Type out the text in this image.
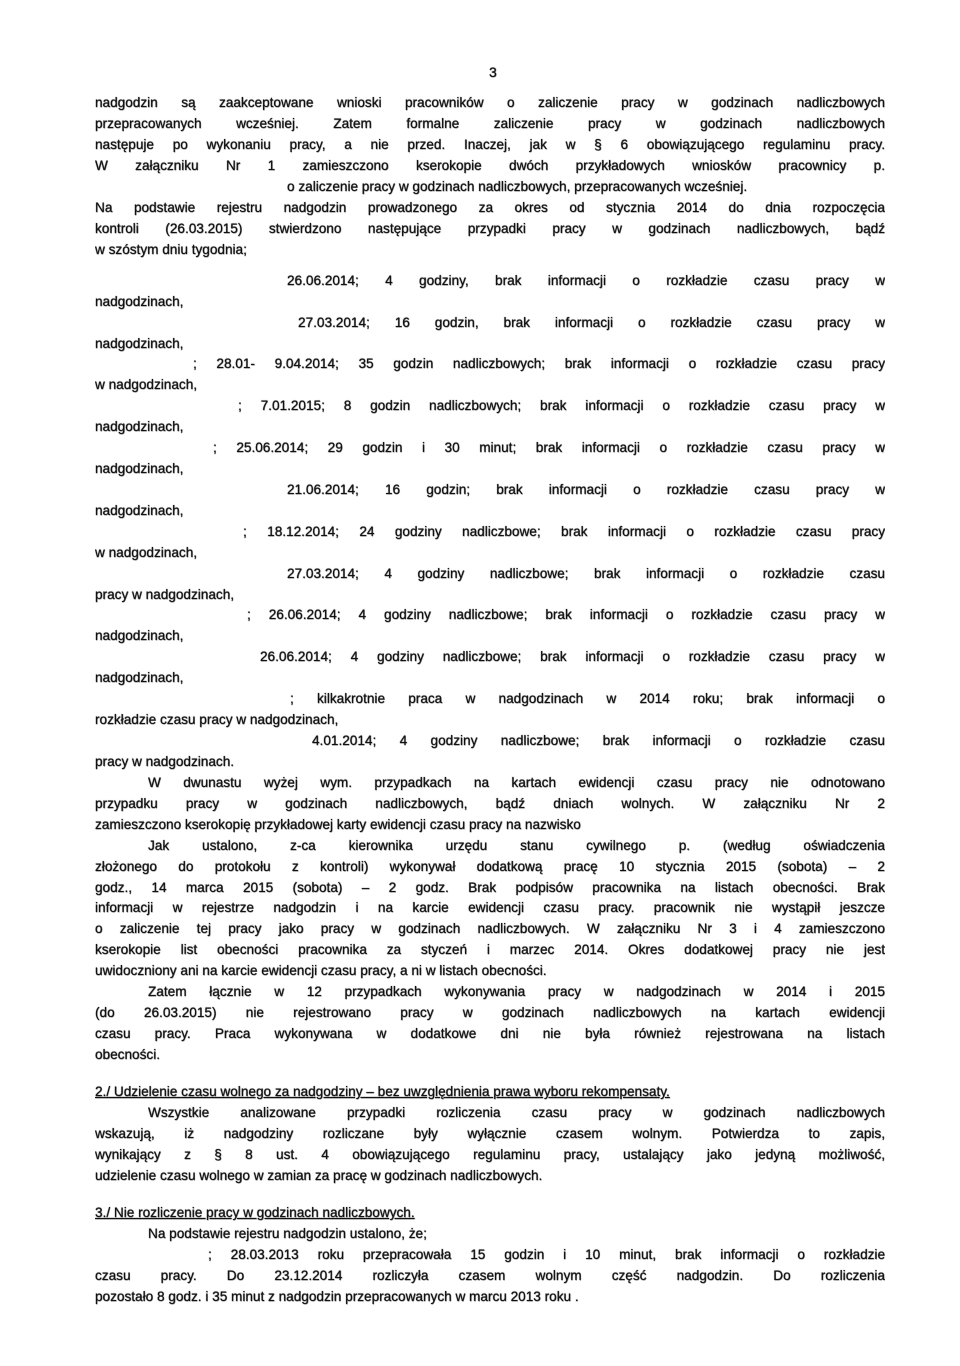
3
nadgodzin są zaakceptowane wnioski pracowników o zaliczenie pracy w godzinach nadliczbowych
przepracowanych wcześniej. Zatem formalne zaliczenie pracy w godzinach nadliczbowych
następuje po wykonaniu pracy, a nie przed. Inaczej, jak w § 6 obowiązującego regulaminu pracy.
W załączniku Nr 1 zamieszczono kserokopie dwóch przykładowych wniosków pracownicy p.
o zaliczenie pracy w godzinach nadliczbowych, przepracowanych wcześniej.
Na podstawie rejestru nadgodzin prowadzonego za okres od stycznia 2014 do dnia rozpoczęcia
kontroli (26.03.2015) stwierdzono następujące przypadki pracy w godzinach nadliczbowych, bądź
w szóstym dniu tygodnia;
26.06.2014; 4 godziny, brak informacji o rozkładzie czasu pracy w
nadgodzinach,
27.03.2014; 16 godzin, brak informacji o rozkładzie czasu pracy w
nadgodzinach,
; 28.01- 9.04.2014; 35 godzin nadliczbowych; brak informacji o rozkładzie czasu pracy
w nadgodzinach,
; 7.01.2015; 8 godzin nadliczbowych; brak informacji o rozkładzie czasu pracy w
nadgodzinach,
; 25.06.2014; 29 godzin i 30 minut; brak informacji o rozkładzie czasu pracy w
nadgodzinach,
21.06.2014; 16 godzin; brak informacji o rozkładzie czasu pracy w
nadgodzinach,
; 18.12.2014; 24 godziny nadliczbowe; brak informacji o rozkładzie czasu pracy
w nadgodzinach,
27.03.2014; 4 godziny nadliczbowe; brak informacji o rozkładzie czasu
pracy w nadgodzinach,
; 26.06.2014; 4 godziny nadliczbowe; brak informacji o rozkładzie czasu pracy w
nadgodzinach,
26.06.2014; 4 godziny nadliczbowe; brak informacji o rozkładzie czasu pracy w
nadgodzinach,
; kilkakrotnie praca w nadgodzinach w 2014 roku; brak informacji o
rozkładzie czasu pracy w nadgodzinach,
4.01.2014; 4 godziny nadliczbowe; brak informacji o rozkładzie czasu
pracy w nadgodzinach.
W dwunastu wyżej wym. przypadkach na kartach ewidencji czasu pracy nie odnotowano
przypadku pracy w godzinach nadliczbowych, bądź dniach wolnych. W załączniku Nr 2
zamieszczono kserokopię przykładowej karty ewidencji czasu pracy na nazwisko
Jak ustalono, z-ca kierownika urzędu stanu cywilnego p. (według oświadczenia
złożonego do protokołu z kontroli) wykonywał dodatkową pracę 10 stycznia 2015 (sobota) – 2
godz., 14 marca 2015 (sobota) – 2 godz. Brak podpisów pracownika na listach obecności. Brak
informacji w rejestrze nadgodzin i na karcie ewidencji czasu pracy. pracownik nie wystąpił jeszcze
o zaliczenie tej pracy jako pracy w godzinach nadliczbowych. W załączniku Nr 3 i 4 zamieszczono
kserokopie list obecności pracownika za styczeń i marzec 2014. Okres dodatkowej pracy nie jest
uwidoczniony ani na karcie ewidencji czasu pracy, a ni w listach obecności.
Zatem łącznie w 12 przypadkach wykonywania pracy w nadgodzinach w 2014 i 2015
(do 26.03.2015) nie rejestrowano pracy w godzinach nadliczbowych na kartach ewidencji
czasu pracy. Praca wykonywana w dodatkowe dni nie była również rejestrowana na listach
obecności.
2./ Udzielenie czasu wolnego za nadgodziny – bez uwzględnienia prawa wyboru rekompensaty.
Wszystkie analizowane przypadki rozliczenia czasu pracy w godzinach nadliczbowych
wskazują, iż nadgodziny rozliczane były wyłącznie czasem wolnym. Potwierdza to zapis,
wynikający z § 8 ust. 4 obowiązującego regulaminu pracy, ustalający jako jedyną możliwość,
udzielenie czasu wolnego w zamian za pracę w godzinach nadliczbowych.
3./ Nie rozliczenie pracy w godzinach nadliczbowych.
Na podstawie rejestru nadgodzin ustalono, że;
; 28.03.2013 roku przepracowała 15 godzin i 10 minut, brak informacji o rozkładzie
czasu pracy. Do 23.12.2014 rozliczyła czasem wolnym część nadgodzin. Do rozliczenia
pozostało 8 godz. i 35 minut z nadgodzin przepracowanych w marcu 2013 roku .
